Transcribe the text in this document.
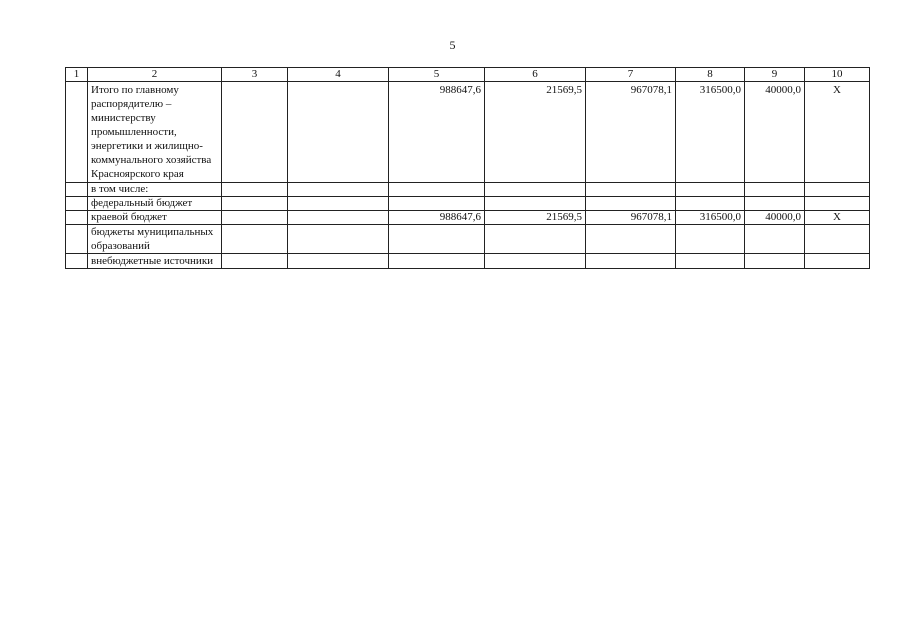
5
1	2	3	4	5	6	7	8	9	10
	Итого по главному распорядителю – министерству промышленности, энергетики и жилищно-коммунального хозяйства Красноярского края			988647,6	21569,5	967078,1	316500,0	40000,0	Х
	в том числе:								
	федеральный бюджет								
	краевой бюджет			988647,6	21569,5	967078,1	316500,0	40000,0	Х
	бюджеты муниципальных образований								
	внебюджетные источники								
